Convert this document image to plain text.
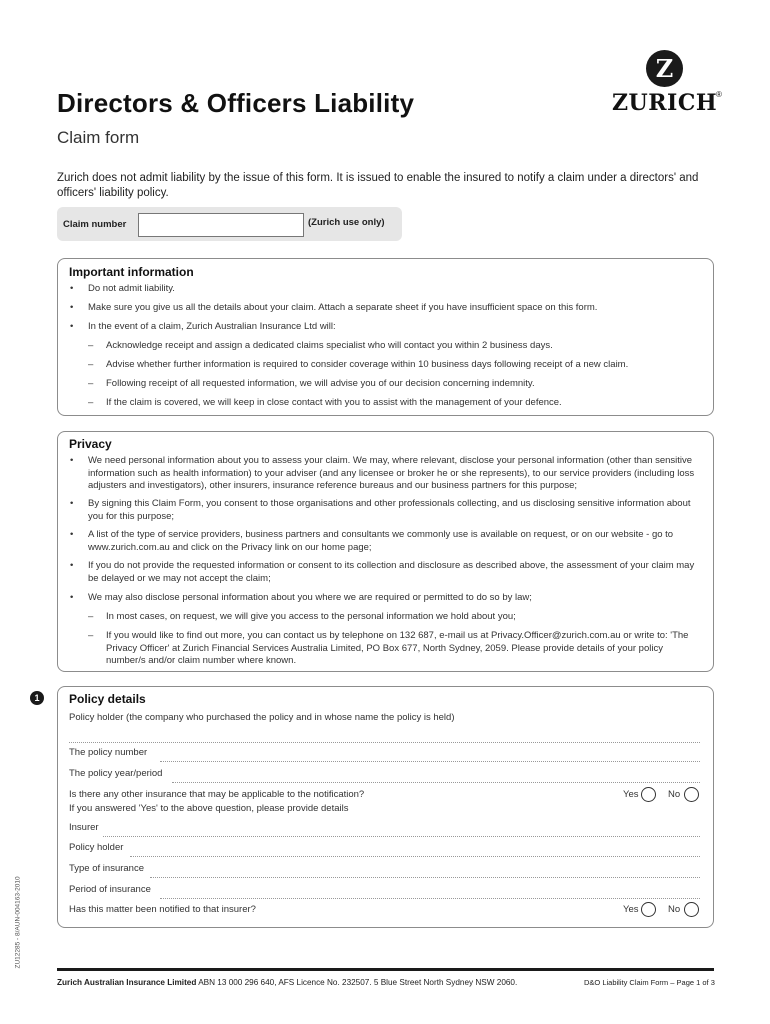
Directors & Officers Liability
Claim form
Z
ZURICH
®
Zurich does not admit liability by the issue of this form. It is issued to enable the insured to notify a claim under a directors' and officers' liability policy.
Claim number	(Zurich use only)
Important information
• Do not admit liability.
• Make sure you give us all the details about your claim. Attach a separate sheet if you have insufficient space on this form.
• In the event of a claim, Zurich Australian Insurance Ltd will:
– Acknowledge receipt and assign a dedicated claims specialist who will contact you within 2 business days.
– Advise whether further information is required to consider coverage within 10 business days following receipt of a new claim.
– Following receipt of all requested information, we will advise you of our decision concerning indemnity.
– If the claim is covered, we will keep in close contact with you to assist with the management of your defence.
Privacy
• We need personal information about you to assess your claim. We may, where relevant, disclose your personal information (other than sensitive information such as health information) to your adviser (and any licensee or broker he or she represents), to our service providers (including loss adjusters and investigators), other insurers, insurance reference bureaus and our business partners for this purpose;
• By signing this Claim Form, you consent to those organisations and other professionals collecting, and us disclosing sensitive information about you for this purpose;
• A list of the type of service providers, business partners and consultants we commonly use is available on request, or on our website - go to www.zurich.com.au and click on the Privacy link on our home page;
• If you do not provide the requested information or consent to its collection and disclosure as described above, the assessment of your claim may be delayed or we may not accept the claim;
• We may also disclose personal information about you where we are required or permitted to do so by law;
– In most cases, on request, we will give you access to the personal information we hold about you;
– If you would like to find out more, you can contact us by telephone on 132 687, e-mail us at Privacy.Officer@zurich.com.au or write to: 'The Privacy Officer' at Zurich Financial Services Australia Limited, PO Box 677, North Sydney, 2059. Please provide details of your policy number/s and/or claim number where known.
1	Policy details
Policy holder (the company who purchased the policy and in whose name the policy is held)
The policy number
The policy year/period
Is there any other insurance that may be applicable to the notification?	Yes	No
If you answered 'Yes' to the above question, please provide details
Insurer
Policy holder
Type of insurance
Period of insurance
Has this matter been notified to that insurer?	Yes	No
ZU12285 - 8/AUN-004163-2010
Zurich Australian Insurance Limited ABN 13 000 296 640, AFS Licence No. 232507. 5 Blue Street North Sydney NSW 2060.	D&O Liability Claim Form – Page 1 of 3
